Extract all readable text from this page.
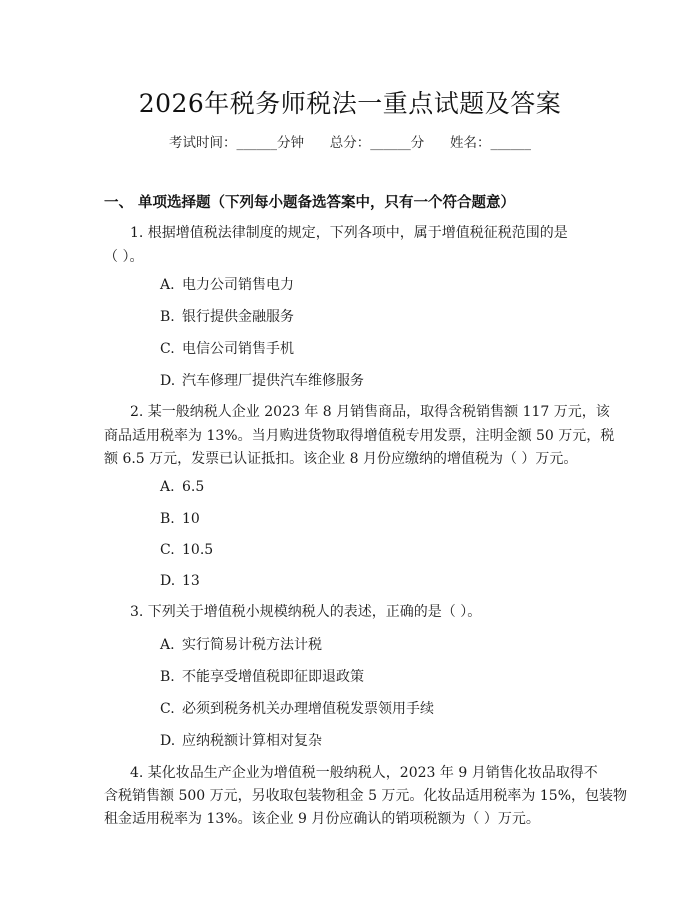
2026年税务师税法一重点试题及答案
考试时间：______分钟      总分：______分      姓名：______
一、 单项选择题（下列每小题备选答案中，只有一个符合题意）
1. 根据增值税法律制度的规定，下列各项中，属于增值税征税范围的是
（ ）。
A. 电力公司销售电力
B. 银行提供金融服务
C. 电信公司销售手机
D. 汽车修理厂提供汽车维修服务
2. 某一般纳税人企业 2023 年 8 月销售商品，取得含税销售额 117 万元，该
商品适用税率为 13%。当月购进货物取得增值税专用发票，注明金额 50 万元，税
额 6.5 万元，发票已认证抵扣。该企业 8 月份应缴纳的增值税为（ ）万元。
A. 6.5
B. 10
C. 10.5
D. 13
3. 下列关于增值税小规模纳税人的表述，正确的是（ ）。
A. 实行简易计税方法计税
B. 不能享受增值税即征即退政策
C. 必须到税务机关办理增值税发票领用手续
D. 应纳税额计算相对复杂
4. 某化妆品生产企业为增值税一般纳税人，2023 年 9 月销售化妆品取得不
含税销售额 500 万元，另收取包装物租金 5 万元。化妆品适用税率为 15%，包装物
租金适用税率为 13%。该企业 9 月份应确认的销项税额为（ ）万元。
